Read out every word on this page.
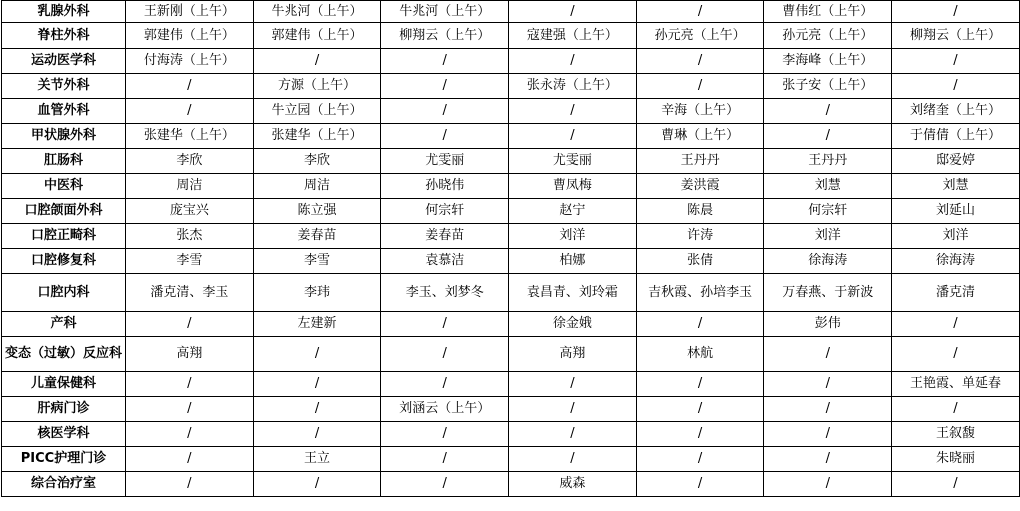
乳腺外科	王新刚（上午）	牛兆河（上午）	牛兆河（上午）	/	/	曹伟红（上午）	/
脊柱外科	郭建伟（上午）	郭建伟（上午）	柳翔云（上午）	寇建强（上午）	孙元亮（上午）	孙元亮（上午）	柳翔云（上午）
运动医学科	付海涛（上午）	/	/	/	/	李海峰（上午）	/
关节外科	/	方源（上午）	/	张永涛（上午）	/	张子安（上午）	/
血管外科	/	牛立园（上午）	/	/	辛海（上午）	/	刘绪奎（上午）
甲状腺外科	张建华（上午）	张建华（上午）	/	/	曹琳（上午）	/	于倩倩（上午）
肛肠科	李欣	李欣	尤雯丽	尤雯丽	王丹丹	王丹丹	邸爱婷
中医科	周洁	周洁	孙晓伟	曹凤梅	姜洪霞	刘慧	刘慧
口腔颌面外科	庞宝兴	陈立强	何宗轩	赵宁	陈晨	何宗轩	刘延山
口腔正畸科	张杰	姜春苗	姜春苗	刘洋	许涛	刘洋	刘洋
口腔修复科	李雪	李雪	袁慕洁	柏娜	张倩	徐海涛	徐海涛
口腔内科	潘克清、李玉	李玮	李玉、刘梦冬	袁昌青、刘玲霜	吉秋霞、孙培李玉	万春燕、于新波	潘克清
产科	/	左建新	/	徐金娥	/	彭伟	/
变态（过敏）反应科	高翔	/	/	高翔	林航	/	/
儿童保健科	/	/	/	/	/	/	王艳霞、单延春
肝病门诊	/	/	刘涵云（上午）	/	/	/	/
核医学科	/	/	/	/	/	/	王叙馥
PICC护理门诊	/	王立	/	/	/	/	朱晓丽
综合治疗室	/	/	/	威森	/	/	/
